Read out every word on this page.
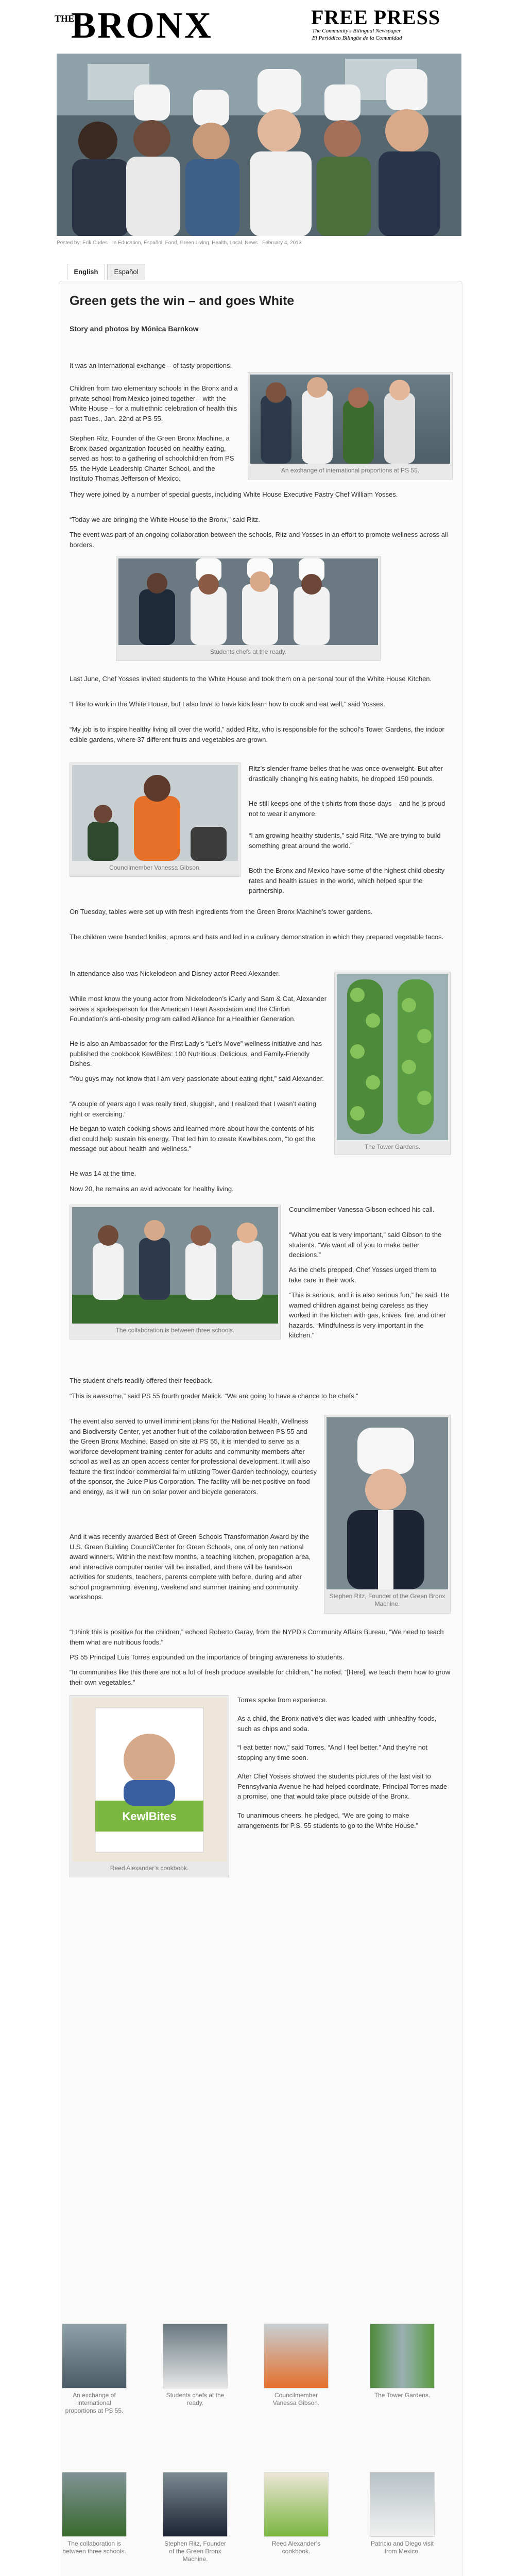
THE
BRONX	FREE PRESS
The Community's Bilingual Newspaper
El Periódico Bilingüe de la Comunidad
Posted by: Erik Cudes · In Education, Español, Food, Green Living, Health, Local, News · February 4, 2013
English	Español
Green gets the win – and goes White
Story and photos by Mónica Barnkow

It was an international exchange – of tasty proportions.

Children from two elementary schools in the Bronx and a private school from Mexico joined together – with the White House – for a multiethnic celebration of health this past Tues., Jan. 22nd at PS 55.

An exchange of international proportions at PS 55.

Stephen Ritz, Founder of the Green Bronx Machine, a Bronx-based organization focused on healthy eating, served as host to a gathering of schoolchildren from PS 55, the Hyde Leadership Charter School, and the Instituto Thomas Jefferson of Mexico.

They were joined by a number of special guests, including White House Executive Pastry Chef William Yosses.

“Today we are bringing the White House to the Bronx,” said Ritz.

The event was part of an ongoing collaboration between the schools, Ritz and Yosses in an effort to promote wellness across all borders.

Students chefs at the ready.

Last June, Chef Yosses invited students to the White House and took them on a personal tour of the White House Kitchen.

“I like to work in the White House, but I also love to have kids learn how to cook and eat well,” said Yosses.

“My job is to inspire healthy living all over the world,” added Ritz, who is responsible for the school’s Tower Gardens, the indoor edible gardens, where 37 different fruits and vegetables are grown.

Councilmember Vanessa Gibson.

Ritz’s slender frame belies that he was once overweight. But after drastically changing his eating habits, he dropped 150 pounds.

He still keeps one of the t-shirts from those days – and he is proud not to wear it anymore.

“I am growing healthy students,” said Ritz. “We are trying to build something great around the world.”

Both the Bronx and Mexico have some of the highest child obesity rates and health issues in the world, which helped spur the partnership.

On Tuesday, tables were set up with fresh ingredients from the Green Bronx Machine’s tower gardens.

The children were handed knifes, aprons and hats and led in a culinary demonstration in which they prepared vegetable tacos.

In attendance also was Nickelodeon and Disney actor Reed Alexander.

The Tower Gardens.

While most know the young actor from Nickelodeon’s iCarly and Sam & Cat, Alexander serves a spokesperson for the American Heart Association and the Clinton Foundation’s anti-obesity program called Alliance for a Healthier Generation.

He is also an Ambassador for the First Lady’s “Let’s Move” wellness initiative and has published the cookbook KewlBites: 100 Nutritious, Delicious, and Family-Friendly Dishes.

“You guys may not know that I am very passionate about eating right,” said Alexander.

“A couple of years ago I was really tired, sluggish, and I realized that I wasn’t eating right or exercising.”

He began to watch cooking shows and learned more about how the contents of his diet could help sustain his energy. That led him to create Kewlbites.com, “to get the message out about health and wellness.”

He was 14 at the time.

Now 20, he remains an avid advocate for healthy living.

The collaboration is between three schools.

Councilmember Vanessa Gibson echoed his call.

“What you eat is very important,” said Gibson to the students. “We want all of you to make better decisions.”

As the chefs prepped, Chef Yosses urged them to take care in their work.

“This is serious, and it is also serious fun,” he said. He warned children against being careless as they worked in the kitchen with gas, knives, fire, and other hazards. “Mindfulness is very important in the kitchen.”

The student chefs readily offered their feedback.

“This is awesome,” said PS 55 fourth grader Malick. “We are going to have a chance to be chefs.”

The event also served to unveil imminent plans for the National Health, Wellness and Biodiversity Center, yet another fruit of the collaboration between PS 55 and the Green Bronx Machine. Based on site at PS 55, it is intended to serve as a workforce development training center for adults and community members after school as well as an open access center for professional development. It will also feature the first indoor commercial farm utilizing Tower Garden technology, courtesy of the sponsor, the Juice Plus Corporation. The facility will be net positive on food and energy, as it will run on solar power and bicycle generators.

Stephen Ritz, Founder of the Green Bronx Machine.

And it was recently awarded Best of Green Schools Transformation Award by the U.S. Green Building Council/Center for Green Schools, one of only ten national award winners. Within the next few months, a teaching kitchen, propagation area, and interactive computer center will be installed, and there will be hands-on activities for students, teachers, parents complete with before, during and after school programming, evening, weekend and summer training and community workshops.

“I think this is positive for the children,” echoed Roberto Garay, from the NYPD’s Community Affairs Bureau. “We need to teach them what are nutritious foods.”

PS 55 Principal Luis Torres expounded on the importance of bringing awareness to students.

“In communities like this there are not a lot of fresh produce available for children,” he noted. “[Here], we teach them how to grow their own vegetables.”

KewlBites
Reed Alexander’s cookbook.

Torres spoke from experience.

As a child, the Bronx native’s diet was loaded with unhealthy foods, such as chips and soda.

“I eat better now,” said Torres. “And I feel better.” And they’re not stopping any time soon.

After Chef Yosses showed the students pictures of the last visit to Pennsylvania Avenue he had helped coordinate, Principal Torres made a promise, one that would take place outside of the Bronx.

To unanimous cheers, he pledged, “We are going to make arrangements for P.S. 55 students to go to the White House.”

An exchange of international proportions at PS 55.
Students chefs at the ready.
Councilmember Vanessa Gibson.
The Tower Gardens.
The collaboration is between three schools.
Stephen Ritz, Founder of the Green Bronx Machine.
Reed Alexander’s cookbook.
Patricio and Diego visit from Mexico.
